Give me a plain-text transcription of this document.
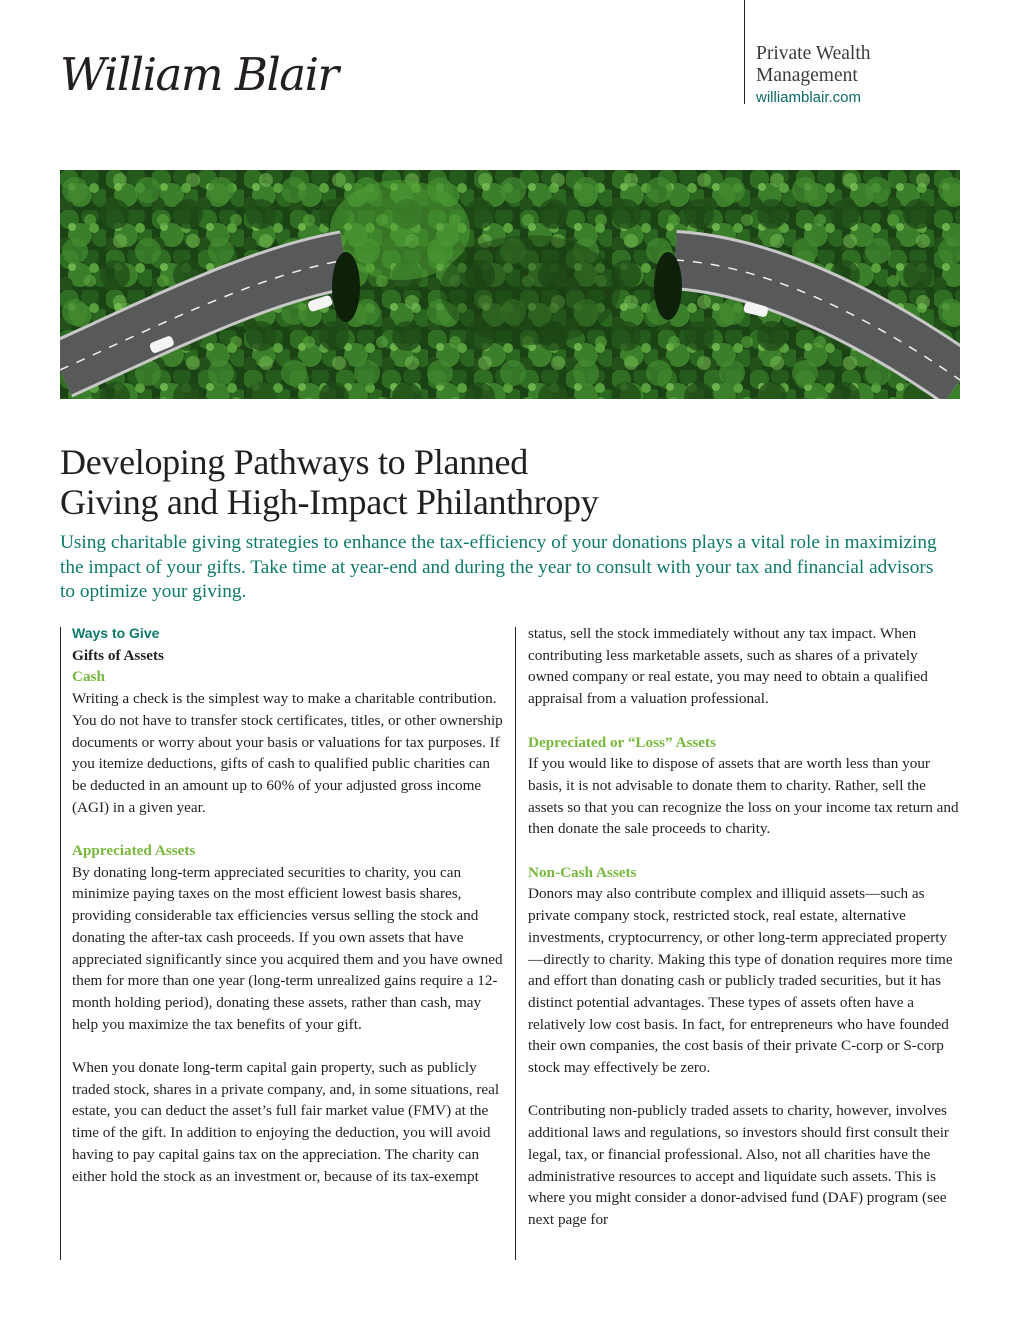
William Blair	Private Wealth Management
williamblair.com
Developing Pathways to Planned
Giving and High-Impact Philanthropy

Using charitable giving strategies to enhance the tax-efficiency of your donations plays a vital role in maximizing the impact of your gifts. Take time at year-end and during the year to consult with your tax and financial advisors to optimize your giving.

Ways to Give

Gifts of Assets

Cash

Writing a check is the simplest way to make a charitable contribution. You do not have to transfer stock certificates, titles, or other ownership documents or worry about your basis or valuations for tax purposes. If you itemize deductions, gifts of cash to qualified public charities can be deducted in an amount up to 60% of your adjusted gross income (AGI) in a given year.

Appreciated Assets

By donating long-term appreciated securities to charity, you can minimize paying taxes on the most efficient lowest basis shares, providing considerable tax efficiencies versus selling the stock and donating the after-tax cash proceeds. If you own assets that have appreciated significantly since you acquired them and you have owned them for more than one year (long-term unrealized gains require a 12-month holding period), donating these assets, rather than cash, may help you maximize the tax benefits of your gift.

When you donate long-term capital gain property, such as publicly traded stock, shares in a private company, and, in some situations, real estate, you can deduct the asset’s full fair market value (FMV) at the time of the gift. In addition to enjoying the deduction, you will avoid having to pay capital gains tax on the appreciation. The charity can either hold the stock as an investment or, because of its tax-exempt

status, sell the stock immediately without any tax impact. When contributing less marketable assets, such as shares of a privately owned company or real estate, you may need to obtain a qualified appraisal from a valuation professional.

Depreciated or “Loss” Assets

If you would like to dispose of assets that are worth less than your basis, it is not advisable to donate them to charity. Rather, sell the assets so that you can recognize the loss on your income tax return and then donate the sale proceeds to charity.

Non-Cash Assets

Donors may also contribute complex and illiquid assets—such as private company stock, restricted stock, real estate, alternative investments, cryptocurrency, or other long-term appreciated property—directly to charity. Making this type of donation requires more time and effort than donating cash or publicly traded securities, but it has distinct potential advantages. These types of assets often have a relatively low cost basis. In fact, for entrepreneurs who have founded their own companies, the cost basis of their private C-corp or S-corp stock may effectively be zero.

Contributing non-publicly traded assets to charity, however, involves additional laws and regulations, so investors should first consult their legal, tax, or financial professional. Also, not all charities have the administrative resources to accept and liquidate such assets. This is where you might consider a donor-advised fund (DAF) program (see next page for
